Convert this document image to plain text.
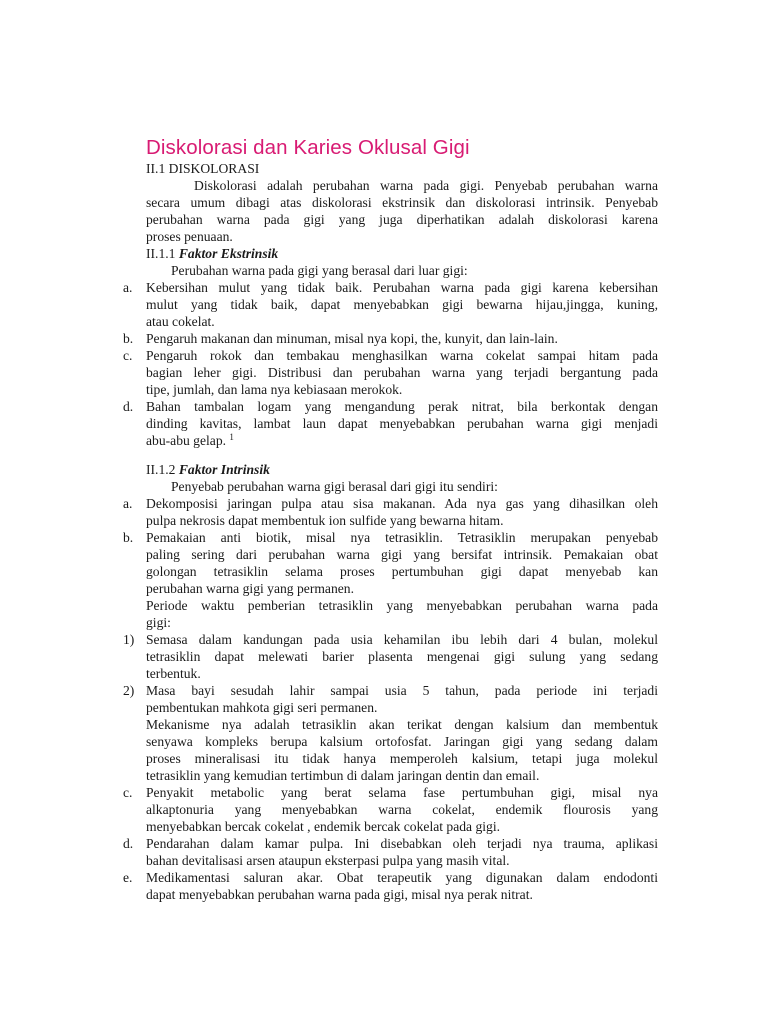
Diskolorasi dan Karies Oklusal Gigi
II.1 DISKOLORASI
Diskolorasi adalah perubahan warna pada gigi. Penyebab perubahan warna
secara umum dibagi atas diskolorasi ekstrinsik dan diskolorasi intrinsik. Penyebab
perubahan warna pada gigi yang juga diperhatikan adalah diskolorasi karena
proses penuaan.
II.1.1 Faktor Ekstrinsik
Perubahan warna pada gigi yang berasal dari luar gigi:
a. Kebersihan mulut yang tidak baik. Perubahan warna pada gigi karena kebersihan
mulut yang tidak baik, dapat menyebabkan gigi bewarna hijau,jingga, kuning,
atau cokelat.
b. Pengaruh makanan dan minuman, misal nya kopi, the, kunyit, dan lain-lain.
c. Pengaruh rokok dan tembakau menghasilkan warna cokelat sampai hitam pada
bagian leher gigi. Distribusi dan perubahan warna yang terjadi bergantung pada
tipe, jumlah, dan lama nya kebiasaan merokok.
d. Bahan tambalan logam yang mengandung perak nitrat, bila berkontak dengan
dinding kavitas, lambat laun dapat menyebabkan perubahan warna gigi menjadi
abu-abu gelap. $^1$
II.1.2 Faktor Intrinsik
Penyebab perubahan warna gigi berasal dari gigi itu sendiri:
a. Dekomposisi jaringan pulpa atau sisa makanan. Ada nya gas yang dihasilkan oleh
pulpa nekrosis dapat membentuk ion sulfide yang bewarna hitam.
b. Pemakaian anti biotik, misal nya tetrasiklin. Tetrasiklin merupakan penyebab
paling sering dari perubahan warna gigi yang bersifat intrinsik. Pemakaian obat
golongan tetrasiklin selama proses pertumbuhan gigi dapat menyebab kan
perubahan warna gigi yang permanen.
Periode waktu pemberian tetrasiklin yang menyebabkan perubahan warna pada
gigi:
1) Semasa dalam kandungan pada usia kehamilan ibu lebih dari 4 bulan, molekul
tetrasiklin dapat melewati barier plasenta mengenai gigi sulung yang sedang
terbentuk.
2) Masa bayi sesudah lahir sampai usia 5 tahun, pada periode ini terjadi
pembentukan mahkota gigi seri permanen.
Mekanisme nya adalah tetrasiklin akan terikat dengan kalsium dan membentuk
senyawa kompleks berupa kalsium ortofosfat. Jaringan gigi yang sedang dalam
proses mineralisasi itu tidak hanya memperoleh kalsium, tetapi juga molekul
tetrasiklin yang kemudian tertimbun di dalam jaringan dentin dan email.
c. Penyakit metabolic yang berat selama fase pertumbuhan gigi, misal nya
alkaptonuria yang menyebabkan warna cokelat, endemik flourosis yang
menyebabkan bercak cokelat , endemik bercak cokelat pada gigi.
d. Pendarahan dalam kamar pulpa. Ini disebabkan oleh terjadi nya trauma, aplikasi
bahan devitalisasi arsen ataupun eksterpasi pulpa yang masih vital.
e. Medikamentasi saluran akar. Obat terapeutik yang digunakan dalam endodonti
dapat menyebabkan perubahan warna pada gigi, misal nya perak nitrat.
